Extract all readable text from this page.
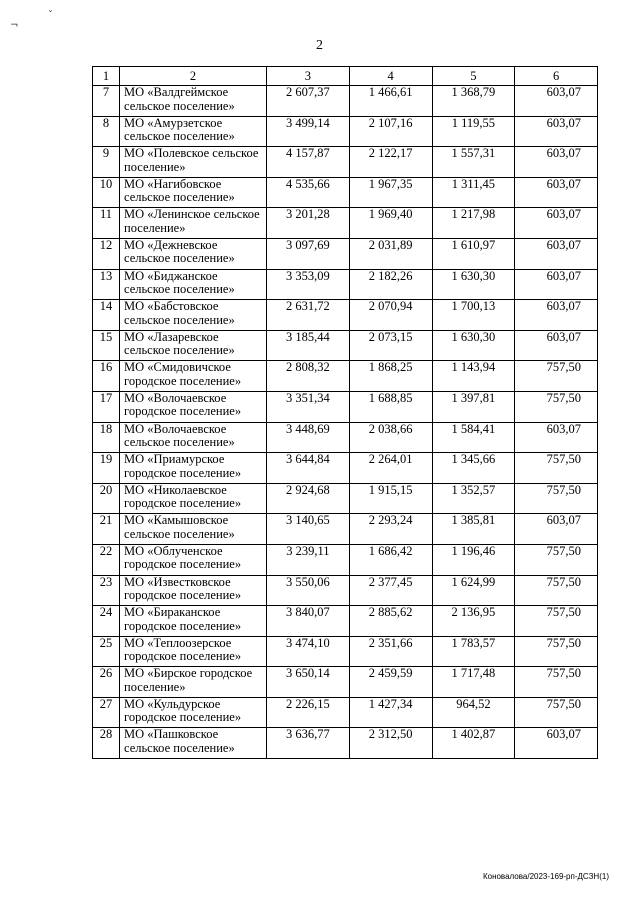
¬
ˇ
2
1	2	3	4	5	6
7	МО «Валдгеймское сельское поселение»	2 607,37	1 466,61	1 368,79	603,07
8	МО «Амурзетское сельское поселение»	3 499,14	2 107,16	1 119,55	603,07
9	МО «Полевское сельское поселение»	4 157,87	2 122,17	1 557,31	603,07
10	МО «Нагибовское сельское поселение»	4 535,66	1 967,35	1 311,45	603,07
11	МО «Ленинское сельское поселение»	3 201,28	1 969,40	1 217,98	603,07
12	МО «Дежневское сельское поселение»	3 097,69	2 031,89	1 610,97	603,07
13	МО «Биджанское сельское поселение»	3 353,09	2 182,26	1 630,30	603,07
14	МО «Бабстовское сельское поселение»	2 631,72	2 070,94	1 700,13	603,07
15	МО «Лазаревское сельское поселение»	3 185,44	2 073,15	1 630,30	603,07
16	МО «Смидовичское городское поселение»	2 808,32	1 868,25	1 143,94	757,50
17	МО «Волочаевское городское поселение»	3 351,34	1 688,85	1 397,81	757,50
18	МО «Волочаевское сельское поселение»	3 448,69	2 038,66	1 584,41	603,07
19	МО «Приамурское городское поселение»	3 644,84	2 264,01	1 345,66	757,50
20	МО «Николаевское городское поселение»	2 924,68	1 915,15	1 352,57	757,50
21	МО «Камышовское сельское поселение»	3 140,65	2 293,24	1 385,81	603,07
22	МО «Облученское городское поселение»	3 239,11	1 686,42	1 196,46	757,50
23	МО «Известковское городское поселение»	3 550,06	2 377,45	1 624,99	757,50
24	МО «Бираканское городское поселение»	3 840,07	2 885,62	2 136,95	757,50
25	МО «Теплоозерское городское поселение»	3 474,10	2 351,66	1 783,57	757,50
26	МО «Бирское городское поселение»	3 650,14	2 459,59	1 717,48	757,50
27	МО «Кульдурское городское поселение»	2 226,15	1 427,34	964,52	757,50
28	МО «Пашковское сельское поселение»	3 636,77	2 312,50	1 402,87	603,07
Коновалова/2023-169-рп-ДСЗН(1)
